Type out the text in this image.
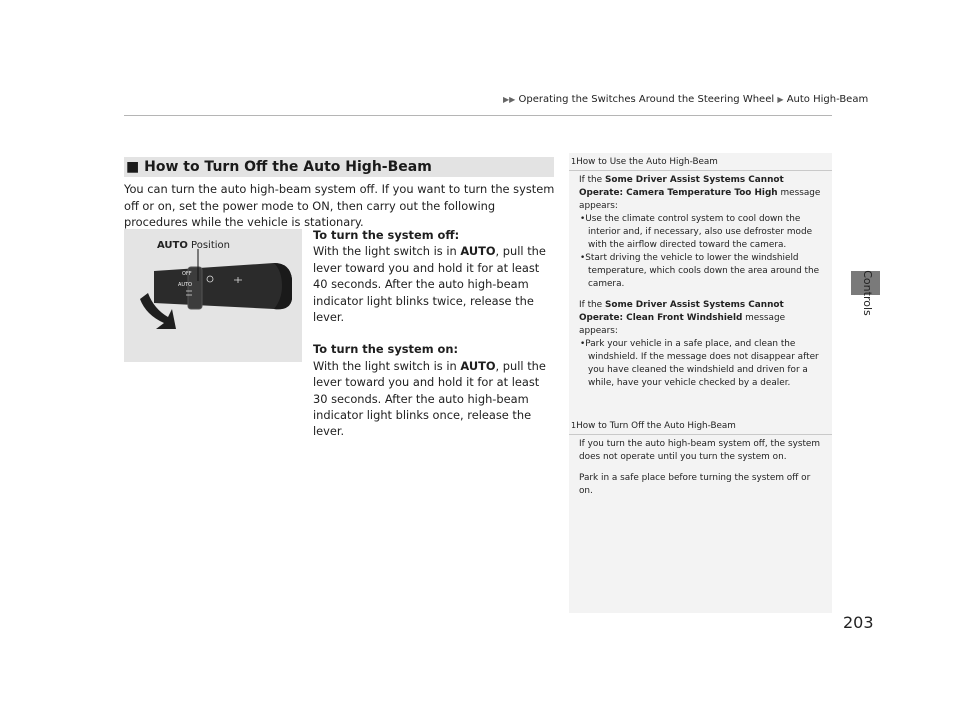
▶▶ Operating the Switches Around the Steering Wheel ▶ Auto High-Beam
Controls
■ How to Turn Off the Auto High-Beam
You can turn the auto high-beam system off. If you want to turn the system off or on, set the power mode to ON, then carry out the following procedures while the vehicle is stationary.
OFF
AUTO
AUTO Position
To turn the system off:

With the light switch is in AUTO, pull the lever toward you and hold it for at least 40 seconds. After the auto high-beam indicator light blinks twice, release the lever.

To turn the system on:

With the light switch is in AUTO, pull the lever toward you and hold it for at least 30 seconds. After the auto high-beam indicator light blinks once, release the lever.

1How to Use the Auto High-Beam

If the Some Driver Assist Systems Cannot Operate: Camera Temperature Too High message appears:

•Use the climate control system to cool down the interior and, if necessary, also use defroster mode with the airflow directed toward the camera.

•Start driving the vehicle to lower the windshield temperature, which cools down the area around the camera.

If the Some Driver Assist Systems Cannot Operate: Clean Front Windshield message appears:

•Park your vehicle in a safe place, and clean the windshield. If the message does not disappear after you have cleaned the windshield and driven for a while, have your vehicle checked by a dealer.

1How to Turn Off the Auto High-Beam

If you turn the auto high-beam system off, the system does not operate until you turn the system on.

Park in a safe place before turning the system off or on.

203
